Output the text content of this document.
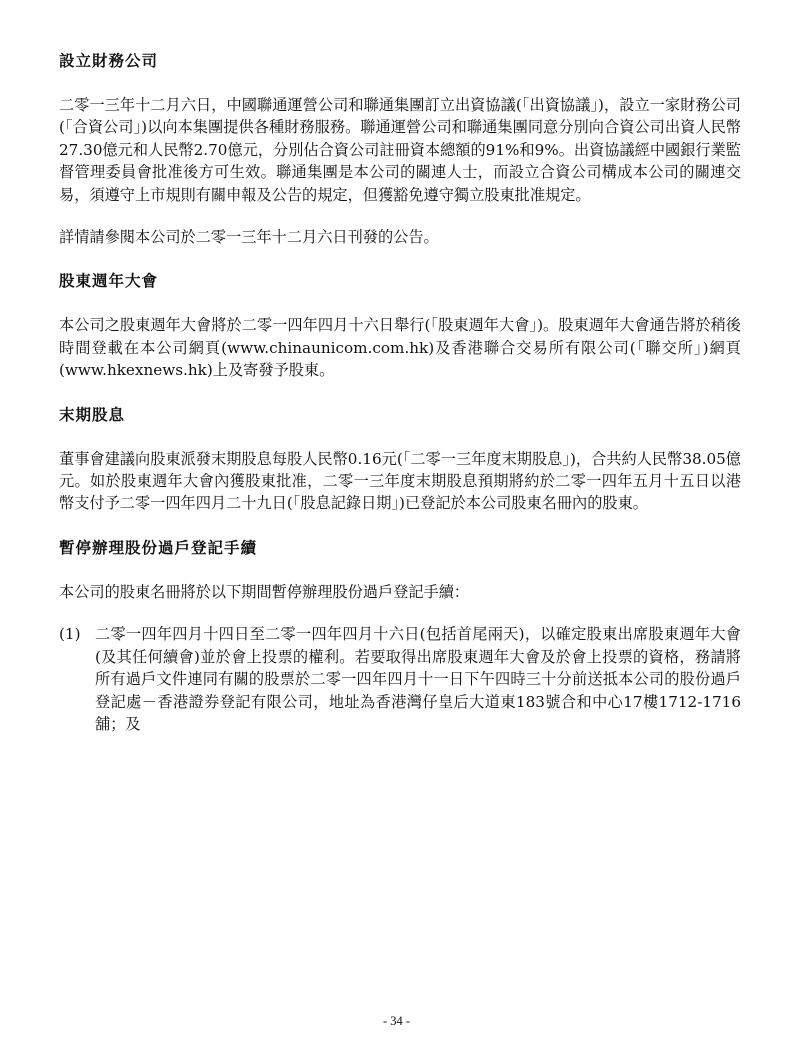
設立財務公司

二零一三年十二月六日，中國聯通運營公司和聯通集團訂立出資協議(「出資協議」)，設立一家財務公司(「合資公司」)以向本集團提供各種財務服務。聯通運營公司和聯通集團同意分別向合資公司出資人民幣27.30億元和人民幣2.70億元，分別佔合資公司註冊資本總額的91%和9%。出資協議經中國銀行業監督管理委員會批准後方可生效。聯通集團是本公司的關連人士，而設立合資公司構成本公司的關連交易，須遵守上市規則有關申報及公告的規定，但獲豁免遵守獨立股東批准規定。

詳情請參閱本公司於二零一三年十二月六日刊發的公告。

股東週年大會

本公司之股東週年大會將於二零一四年四月十六日舉行(「股東週年大會」)。股東週年大會通告將於稍後時間登載在本公司網頁(www.chinaunicom.com.hk)及香港聯合交易所有限公司(「聯交所」)網頁(www.hkexnews.hk)上及寄發予股東。

末期股息

董事會建議向股東派發末期股息每股人民幣0.16元(「二零一三年度末期股息」)，合共約人民幣38.05億元。如於股東週年大會內獲股東批准，二零一三年度末期股息預期將約於二零一四年五月十五日以港幣支付予二零一四年四月二十九日(「股息記錄日期」)已登記於本公司股東名冊內的股東。

暫停辦理股份過戶登記手續

本公司的股東名冊將於以下期間暫停辦理股份過戶登記手續：

(1) 二零一四年四月十四日至二零一四年四月十六日(包括首尾兩天)，以確定股東出席股東週年大會(及其任何續會)並於會上投票的權利。若要取得出席股東週年大會及於會上投票的資格，務請將所有過戶文件連同有關的股票於二零一四年四月十一日下午四時三十分前送抵本公司的股份過戶登記處－香港證券登記有限公司，地址為香港灣仔皇后大道東183號合和中心17樓1712-1716舖；及

- 34 -
